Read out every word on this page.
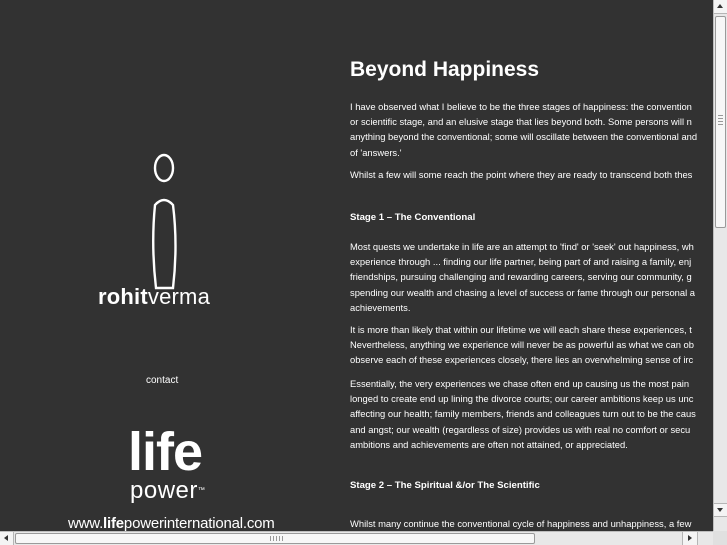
rohitverma
contact
life
power™
www.lifepowerinternational.com
Beyond Happiness
I have observed what I believe to be the three stages of happiness: the convention
or scientific stage, and an elusive stage that lies beyond both. Some persons will n
anything beyond the conventional; some will oscillate between the conventional and
of 'answers.'
Whilst a few will some reach the point where they are ready to transcend both thes
Stage 1 – The Conventional
Most quests we undertake in life are an attempt to 'find' or 'seek' out happiness, wh
experience through ... finding our life partner, being part of and raising a family, enj
friendships, pursuing challenging and rewarding careers, serving our community, g
spending our wealth and chasing a level of success or fame through our personal a
achievements.
It is more than likely that within our lifetime we will each share these experiences, t
Nevertheless, anything we experience will never be as powerful as what we can ob
observe each of these experiences closely, there lies an overwhelming sense of irc
Essentially, the very experiences we chase often end up causing us the most pain
longed to create end up lining the divorce courts; our career ambitions keep us unc
affecting our health; family members, friends and colleagues turn out to be the caus
and angst; our wealth (regardless of size) provides us with real no comfort or secu
ambitions and achievements are often not attained, or appreciated.
Stage 2 – The Spiritual &/or The Scientific
Whilst many continue the conventional cycle of happiness and unhappiness, a few
